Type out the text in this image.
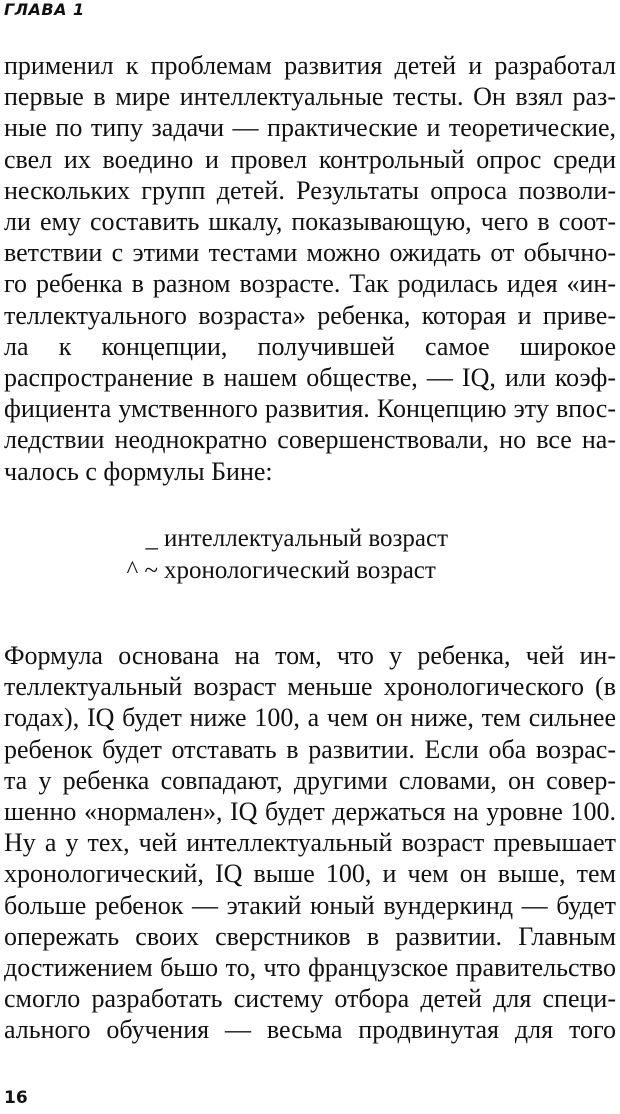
ГЛАВА 1
применил к проблемам развития детей и разработал
первые в мире интеллектуальные тесты. Он взял раз-
ные по типу задачи — практические и теоретические,
свел их воедино и провел контрольный опрос среди
нескольких групп детей. Результаты опроса позволи-
ли ему составить шкалу, показывающую, чего в соот-
ветствии с этими тестами можно ожидать от обычно-
го ребенка в разном возрасте. Так родилась идея «ин-
теллектуального возраста» ребенка, которая и приве-
ла к концепции, получившей самое широкое
распространение в нашем обществе, — IQ, или коэф-
фициента умственного развития. Концепцию эту впос-
ледствии неоднократно совершенствовали, но все на-
чалось с формулы Бине:
_ интеллектуальный возраст
^ ~ хронологический возраст
Формула основана на том, что у ребенка, чей ин-
теллектуальный возраст меньше хронологического (в
годах), IQ будет ниже 100, а чем он ниже, тем сильнее
ребенок будет отставать в развитии. Если оба возрас-
та у ребенка совпадают, другими словами, он совер-
шенно «нормален», IQ будет держаться на уровне 100.
Ну а у тех, чей интеллектуальный возраст превышает
хронологический, IQ выше 100, и чем он выше, тем
больше ребенок — этакий юный вундеркинд — будет
опережать своих сверстников в развитии. Главным
достижением бьшо то, что французское правительство
смогло разработать систему отбора детей для специ-
ального обучения — весьма продвинутая для того
16
